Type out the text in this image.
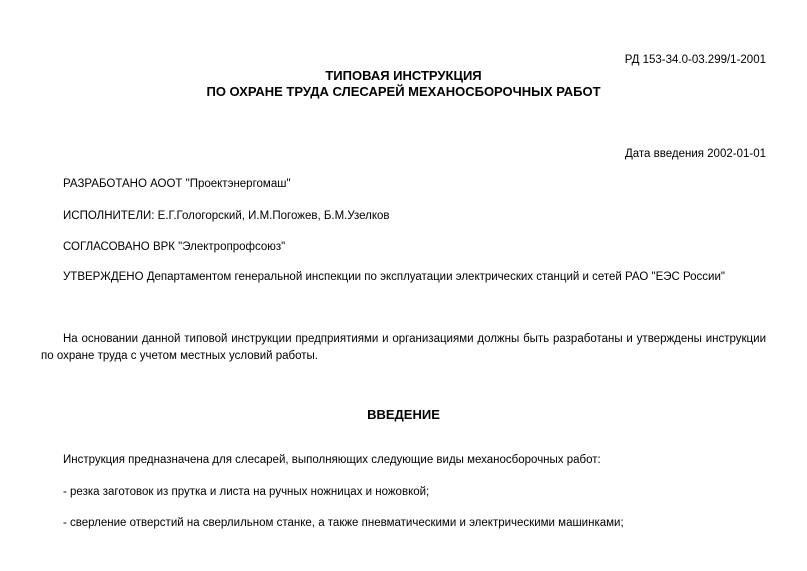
РД 153-34.0-03.299/1-2001
ТИПОВАЯ ИНСТРУКЦИЯ
ПО ОХРАНЕ ТРУДА СЛЕСАРЕЙ МЕХАНОСБОРОЧНЫХ РАБОТ
Дата введения 2002-01-01
РАЗРАБОТАНО АООТ "Проектэнергомаш"
ИСПОЛНИТЕЛИ: Е.Г.Гологорский, И.М.Погожев, Б.М.Узелков
СОГЛАСОВАНО ВРК "Электропрофсоюз"
УТВЕРЖДЕНО Департаментом генеральной инспекции по эксплуатации электрических станций и сетей РАО "ЕЭС России"
На основании данной типовой инструкции предприятиями и организациями должны быть разработаны и утверждены инструкции по охране труда с учетом местных условий работы.
ВВЕДЕНИЕ
Инструкция предназначена для слесарей, выполняющих следующие виды механосборочных работ:
- резка заготовок из прутка и листа на ручных ножницах и ножовкой;
- сверление отверстий на сверлильном станке, а также пневматическими и электрическими машинками;
